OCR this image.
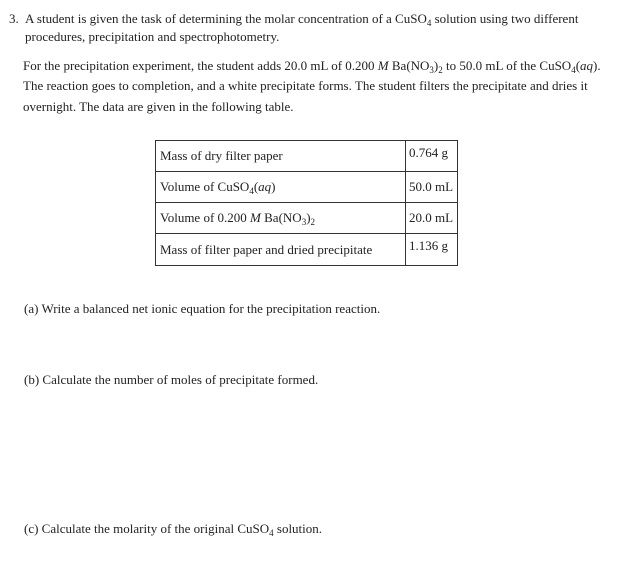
3. A student is given the task of determining the molar concentration of a CuSO$_4$ solution using two different
procedures, precipitation and spectrophotometry.
For the precipitation experiment, the student adds 20.0 mL of 0.200 M $Ba(NO_3)_2$ to 50.0 mL of the CuSO$_4$(aq).
The reaction goes to completion, and a white precipitate forms. The student filters the precipitate and dries it
overnight. The data are given in the following table.
Mass of dry filter paper	0.764 g
Volume of CuSO$_4$(aq)	50.0 mL
Volume of 0.200 M $Ba(NO_3)_2$	20.0 mL
Mass of filter paper and dried precipitate	1.136 g
(a) Write a balanced net ionic equation for the precipitation reaction.
(b) Calculate the number of moles of precipitate formed.
(c) Calculate the molarity of the original CuSO$_4$ solution.
